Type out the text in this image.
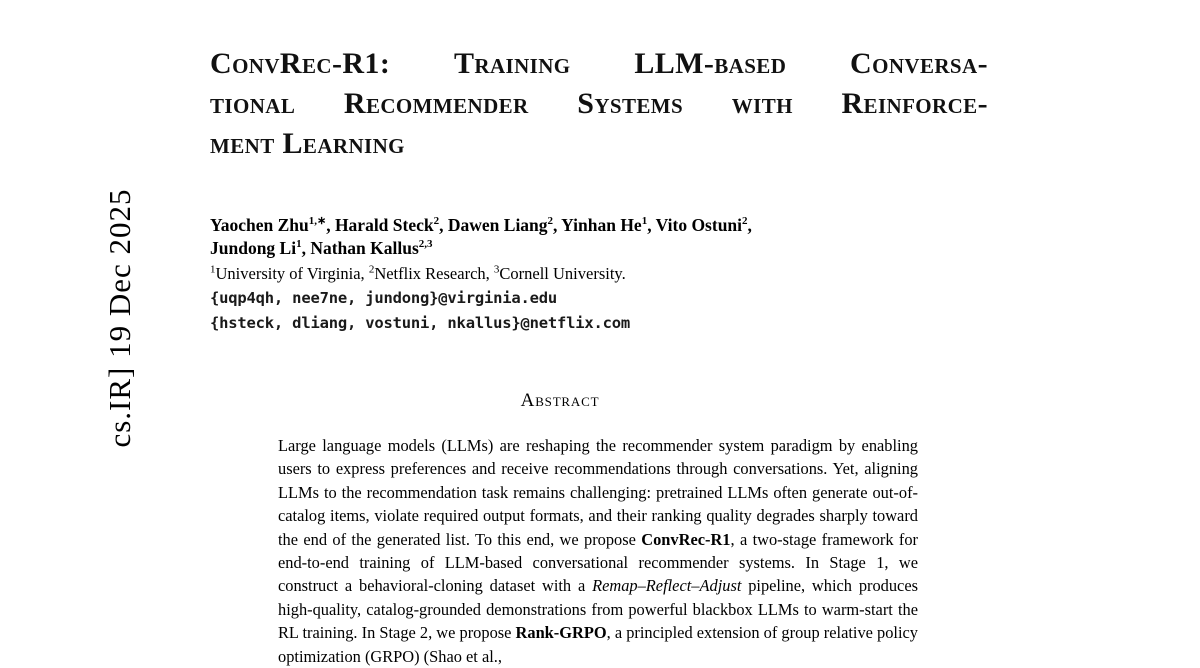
cs.IR] 19 Dec 2025
ConvRec-R1: Training LLM-based Conversa-
tional Recommender Systems with Reinforce-
ment Learning
Yaochen Zhu$^{1,∗}$, Harald Steck$^2$, Dawen Liang$^2$, Yinhan He$^1$, Vito Ostuni$^2$,
Jundong Li$^1$, Nathan Kallus$^{2,3}$
$^1$University of Virginia, $^2$Netflix Research, $^3$Cornell University.
{uqp4qh, nee7ne, jundong}@virginia.edu
{hsteck, dliang, vostuni, nkallus}@netflix.com
Abstract

Large language models (LLMs) are reshaping the recommender system paradigm by enabling users to express preferences and receive recommendations through conversations. Yet, aligning LLMs to the recommendation task remains challenging: pretrained LLMs often generate out-of-catalog items, violate required output formats, and their ranking quality degrades sharply toward the end of the generated list. To this end, we propose ConvRec-R1, a two-stage framework for end-to-end training of LLM-based conversational recommender systems. In Stage 1, we construct a behavioral-cloning dataset with a Remap–Reflect–Adjust pipeline, which produces high-quality, catalog-grounded demonstrations from powerful blackbox LLMs to warm-start the RL training. In Stage 2, we propose Rank-GRPO, a principled extension of group relative policy optimization (GRPO) (Shao et al.,
